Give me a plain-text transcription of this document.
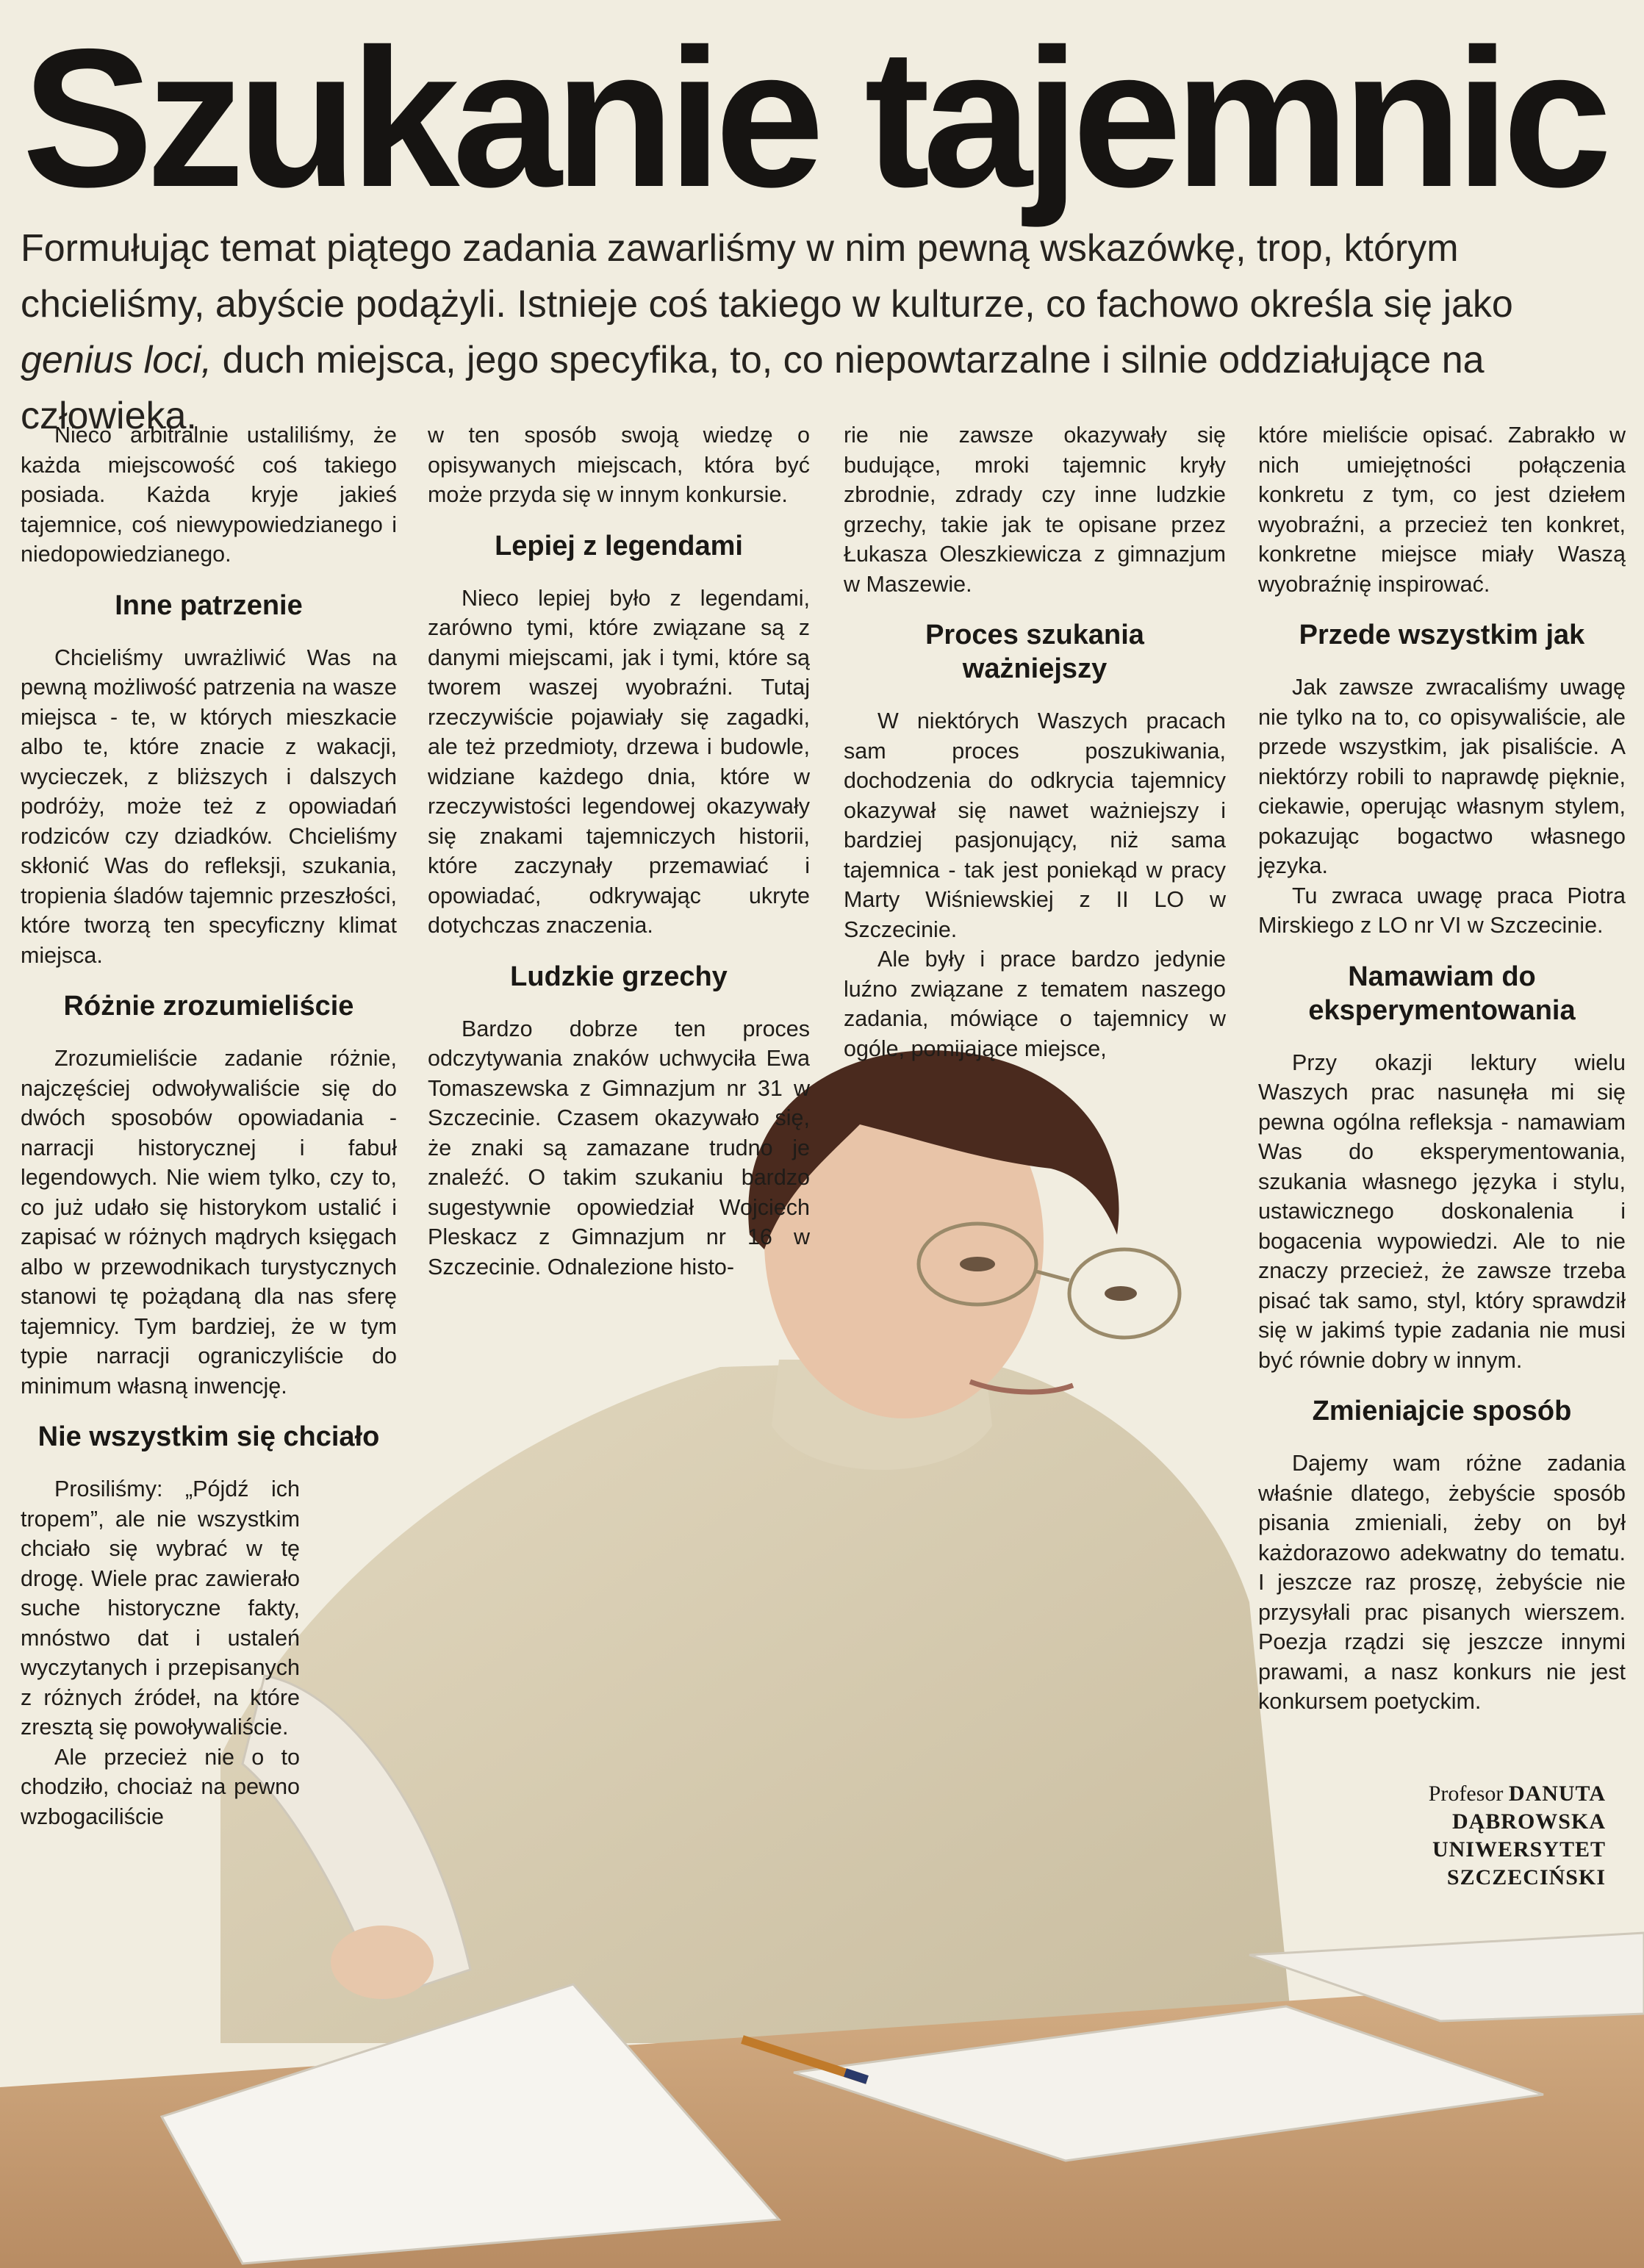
Szukanie tajemnic
Formułując temat piątego zadania zawarliśmy w nim pewną wskazówkę, trop, którym chcieliśmy, abyście podążyli. Istnieje coś takiego w kulturze, co fachowo określa się jako genius loci, duch miejsca, jego specyfika, to, co niepowtarzalne i silnie oddziałujące na człowieka.

Nieco arbitralnie ustaliliśmy, że każda miejscowość coś takiego posiada. Każda kryje jakieś tajemnice, coś niewypowiedzianego i niedopowiedzianego.

Inne patrzenie

Chcieliśmy uwrażliwić Was na pewną możliwość patrzenia na wasze miejsca - te, w których mieszkacie albo te, które znacie z wakacji, wycieczek, z bliższych i dalszych podróży, może też z opowiadań rodziców czy dziadków. Chcieliśmy skłonić Was do refleksji, szukania, tropienia śladów tajemnic przeszłości, które tworzą ten specyficzny klimat miejsca.

Różnie zrozumieliście

Zrozumieliście zadanie różnie, najczęściej odwoływaliście się do dwóch sposobów opowiadania - narracji historycznej i fabuł legendowych. Nie wiem tylko, czy to, co już udało się historykom ustalić i zapisać w różnych mądrych księgach albo w przewodnikach turystycznych stanowi tę pożądaną dla nas sferę tajemnicy. Tym bardziej, że w tym typie narracji ograniczyliście do minimum własną inwencję.

Nie wszystkim się chciało

Prosiliśmy: „Pójdź ich tropem”, ale nie wszystkim chciało się wybrać w tę drogę. Wiele prac zawierało suche historyczne fakty, mnóstwo dat i ustaleń wyczytanych i przepisanych z różnych źródeł, na które zresztą się powoływaliście.

Ale przecież nie o to chodziło, chociaż na pewno wzbogaciliście

w ten sposób swoją wiedzę o opisywanych miejscach, która być może przyda się w innym konkursie.

Lepiej z legendami

Nieco lepiej było z legendami, zarówno tymi, które związane są z danymi miejscami, jak i tymi, które są tworem waszej wyobraźni. Tutaj rzeczywiście pojawiały się zagadki, ale też przedmioty, drzewa i budowle, widziane każdego dnia, które w rzeczywistości legendowej okazywały się znakami tajemniczych historii, które zaczynały przemawiać i opowiadać, odkrywając ukryte dotychczas znaczenia.

Ludzkie grzechy

Bardzo dobrze ten proces odczytywania znaków uchwyciła Ewa Tomaszewska z Gimnazjum nr 31 w Szczecinie. Czasem okazywało się, że znaki są zamazane trudno je znaleźć. O takim szukaniu bardzo sugestywnie opowiedział Wojciech Pleskacz z Gimnazjum nr 16 w Szczecinie. Odnalezione histo-

rie nie zawsze okazywały się budujące, mroki tajemnic kryły zbrodnie, zdrady czy inne ludzkie grzechy, takie jak te opisane przez Łukasza Oleszkiewicza z gimnazjum w Maszewie.

Proces szukania ważniejszy

W niektórych Waszych pracach sam proces poszukiwania, dochodzenia do odkrycia tajemnicy okazywał się nawet ważniejszy i bardziej pasjonujący, niż sama tajemnica - tak jest poniekąd w pracy Marty Wiśniewskiej z II LO w Szczecinie.

Ale były i prace bardzo jedynie luźno związane z tematem naszego zadania, mówiące o tajemnicy w ogóle, pomijające miejsce,

które mieliście opisać. Zabrakło w nich umiejętności połączenia konkretu z tym, co jest dziełem wyobraźni, a przecież ten konkret, konkretne miejsce miały Waszą wyobraźnię inspirować.

Przede wszystkim jak

Jak zawsze zwracaliśmy uwagę nie tylko na to, co opisywaliście, ale przede wszystkim, jak pisaliście. A niektórzy robili to naprawdę pięknie, ciekawie, operując własnym stylem, pokazując bogactwo własnego języka.

Tu zwraca uwagę praca Piotra Mirskiego z LO nr VI w Szczecinie.

Namawiam do eksperymentowania

Przy okazji lektury wielu Waszych prac nasunęła mi się pewna ogólna refleksja - namawiam Was do eksperymentowania, szukania własnego języka i stylu, ustawicznego doskonalenia i bogacenia wypowiedzi. Ale to nie znaczy przecież, że zawsze trzeba pisać tak samo, styl, który sprawdził się w jakimś typie zadania nie musi być równie dobry w innym.

Zmieniajcie sposób

Dajemy wam różne zadania właśnie dlatego, żebyście sposób pisania zmieniali, żeby on był każdorazowo adekwatny do tematu. I jeszcze raz proszę, żebyście nie przysyłali prac pisanych wierszem. Poezja rządzi się jeszcze innymi prawami, a nasz konkurs nie jest konkursem poetyckim.

Profesor DANUTA DĄBROWSKA
UNIWERSYTET
SZCZECIŃSKI
